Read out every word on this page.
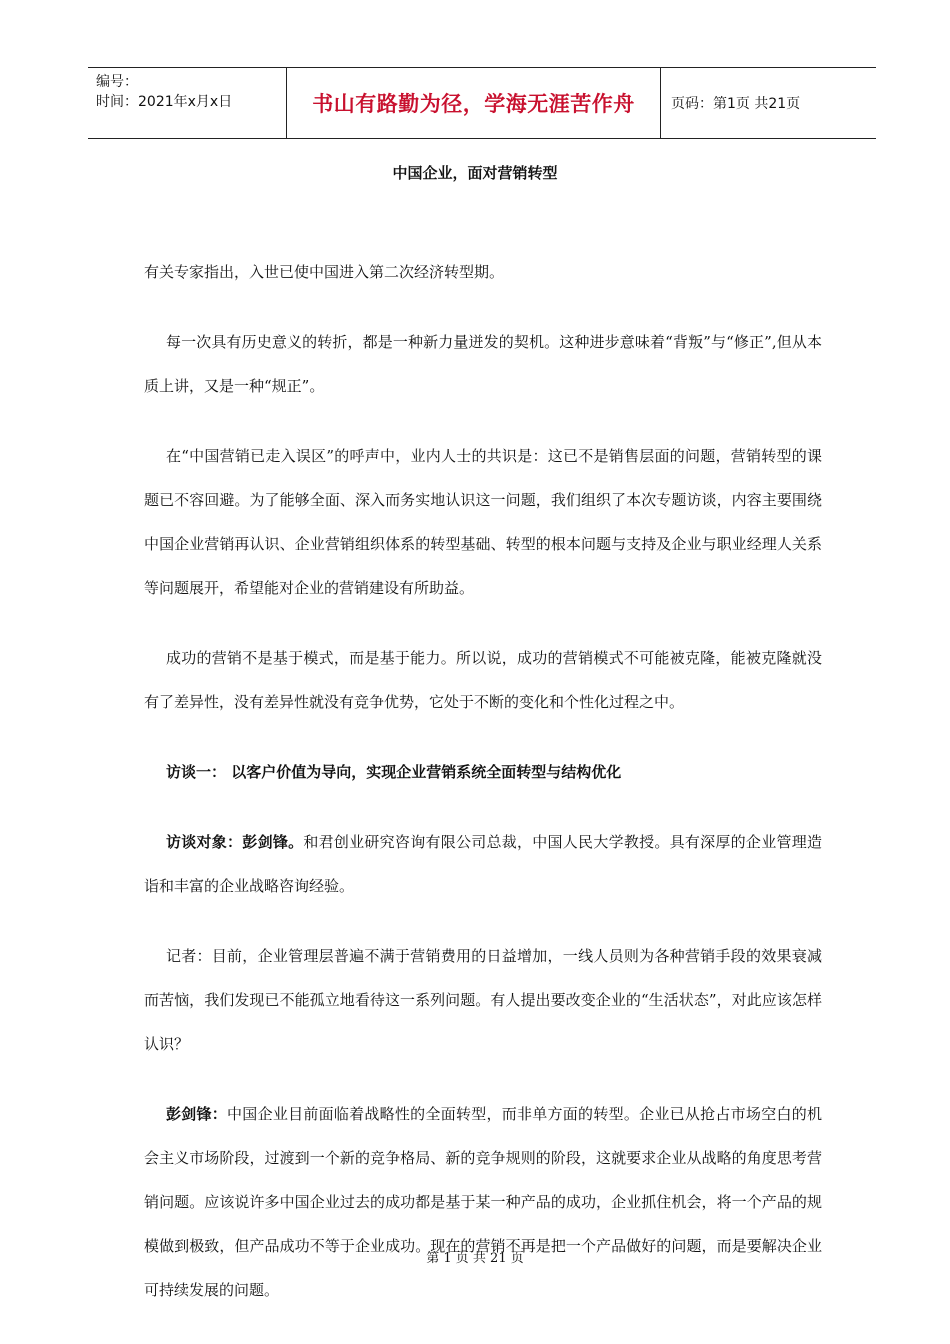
编号：
时间：2021年x月x日	书山有路勤为径，学海无涯苦作舟	页码：第1页 共21页
中国企业，面对营销转型

有关专家指出，入世已使中国进入第二次经济转型期。

每一次具有历史意义的转折，都是一种新力量迸发的契机。这种进步意味着“背叛”与“修正”,但从本质上讲，又是一种“规正”。

在“中国营销已走入误区”的呼声中，业内人士的共识是：这已不是销售层面的问题，营销转型的课题已不容回避。为了能够全面、深入而务实地认识这一问题，我们组织了本次专题访谈，内容主要围绕中国企业营销再认识、企业营销组织体系的转型基础、转型的根本问题与支持及企业与职业经理人关系等问题展开，希望能对企业的营销建设有所助益。

成功的营销不是基于模式，而是基于能力。所以说，成功的营销模式不可能被克隆，能被克隆就没有了差异性，没有差异性就没有竞争优势，它处于不断的变化和个性化过程之中。

访谈一： 以客户价值为导向，实现企业营销系统全面转型与结构优化

访谈对象：彭剑锋。和君创业研究咨询有限公司总裁，中国人民大学教授。具有深厚的企业管理造诣和丰富的企业战略咨询经验。

记者：目前，企业管理层普遍不满于营销费用的日益增加，一线人员则为各种营销手段的效果衰减而苦恼，我们发现已不能孤立地看待这一系列问题。有人提出要改变企业的“生活状态”，对此应该怎样认识？

彭剑锋：中国企业目前面临着战略性的全面转型，而非单方面的转型。企业已从抢占市场空白的机会主义市场阶段，过渡到一个新的竞争格局、新的竞争规则的阶段，这就要求企业从战略的角度思考营销问题。应该说许多中国企业过去的成功都是基于某一种产品的成功，企业抓住机会，将一个产品的规模做到极致，但产品成功不等于企业成功。现在的营销不再是把一个产品做好的问题，而是要解决企业可持续发展的问题。

第 1 页 共 21 页
